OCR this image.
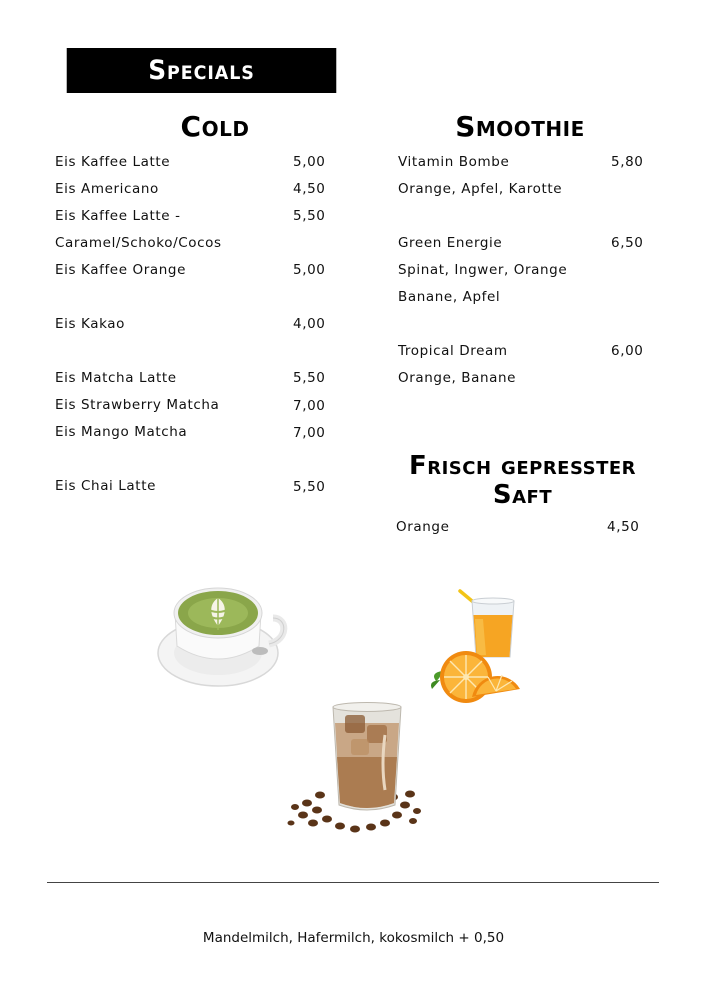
Specials
Cold
Eis Kaffee Latte	5,00
Eis Americano	4,50
Eis Kaffee Latte -	5,50
Caramel/Schoko/Cocos
Eis Kaffee Orange	5,00
Eis Kakao	4,00
Eis Matcha Latte	5,50
Eis Strawberry Matcha	7,00
Eis Mango Matcha	7,00
Eis Chai Latte	5,50
Smoothie
Vitamin Bombe	5,80
Orange, Apfel, Karotte
Green Energie	6,50
Spinat, Ingwer, Orange
Banane, Apfel
Tropical Dream	6,00
Orange, Banane
Frisch gepresster Saft
Orange	4,50
Mandelmilch, Hafermilch, kokosmilch + 0,50
